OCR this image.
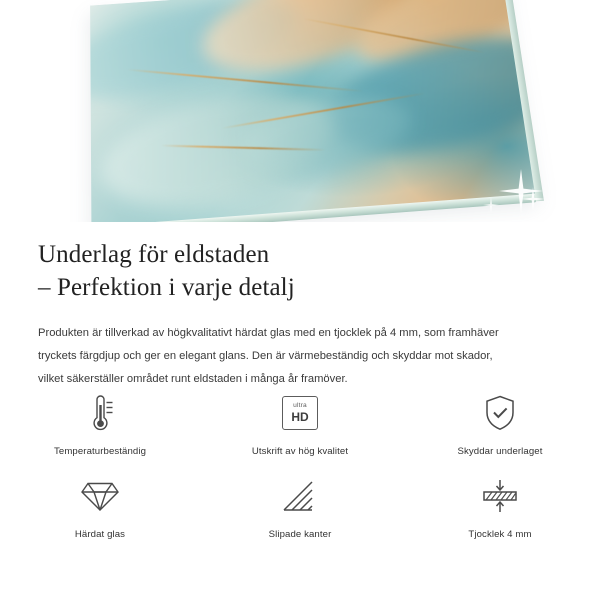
Underlag för eldstaden
– Perfektion i varje detalj

Produkten är tillverkad av högkvalitativt härdat glas med en tjocklek på 4 mm, som framhäver
tryckets färgdjup och ger en elegant glans. Den är värmebeständig och skyddar mot skador,
vilket säkerställer området runt eldstaden i många år framöver.

Temperaturbeständig
ultra
HD
Utskrift av hög kvalitet	Skyddar underlaget
Härdat glas	Slipade kanter	Tjocklek 4 mm
